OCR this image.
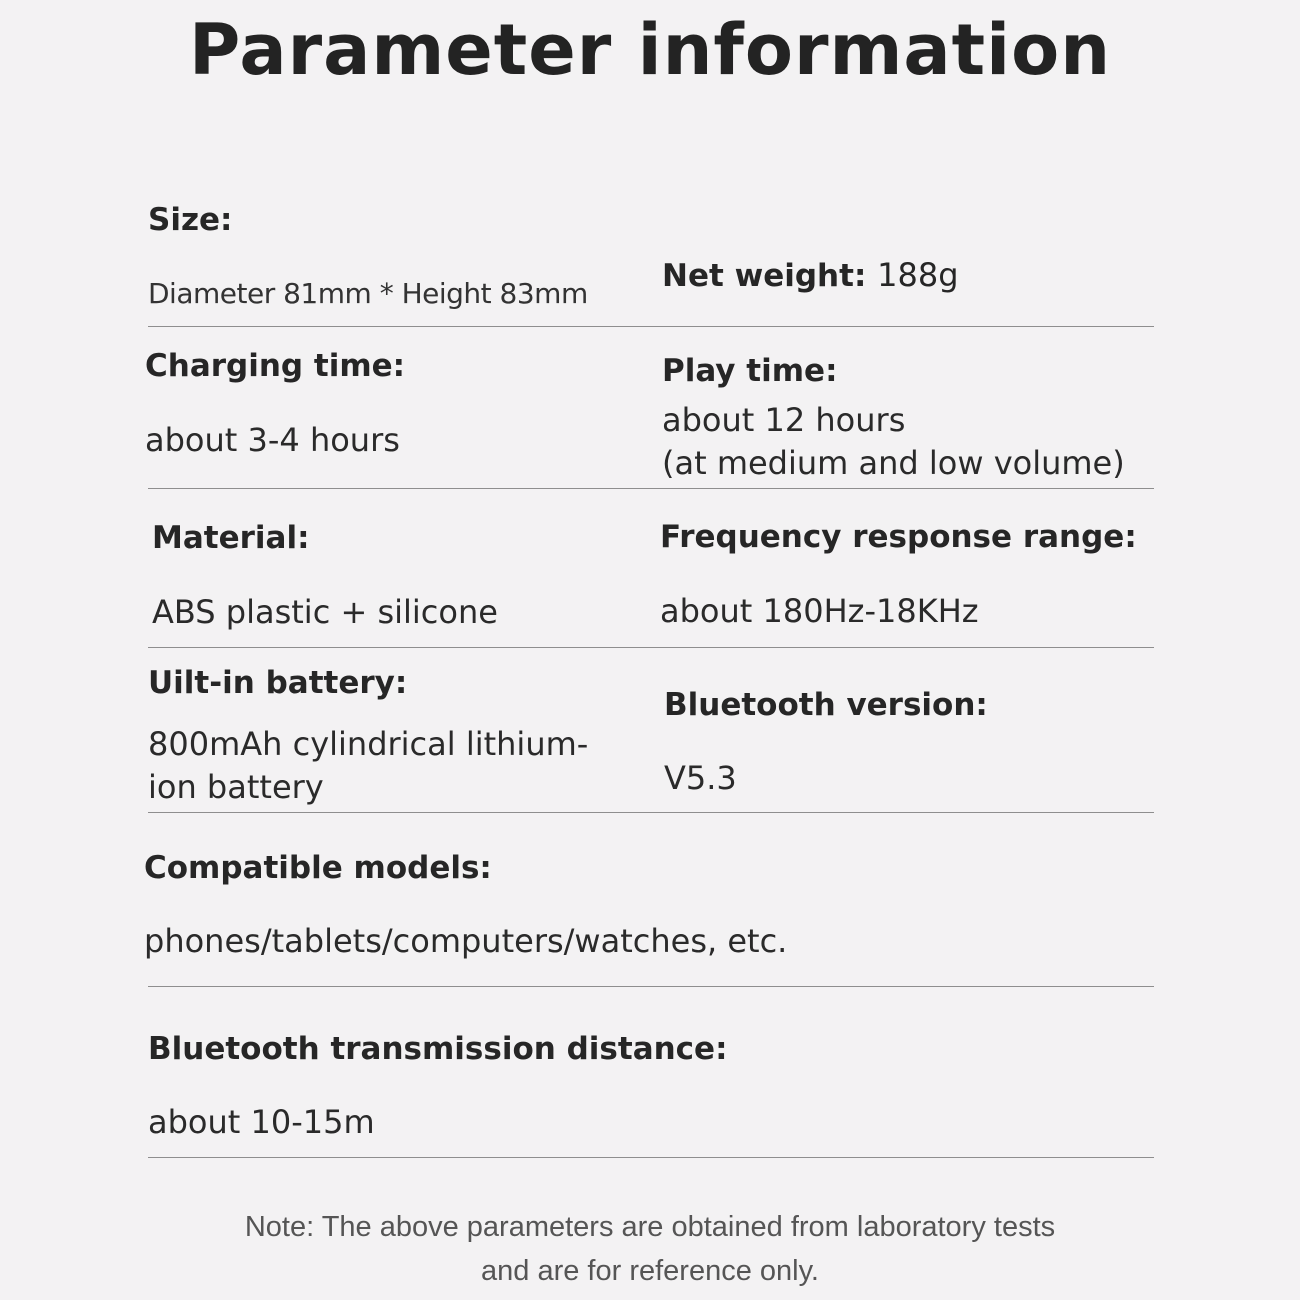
Parameter information
Size:
Diameter 81mm * Height 83mm Net weight: 188g
Charging time:
about 3-4 hours
Play time:
about 12 hours
(at medium and low volume)
Material:
ABS plastic + silicone
Frequency response range:
about 180Hz-18KHz
Uilt-in battery:
800mAh cylindrical lithium-
ion battery
Bluetooth version:
V5.3
Compatible models:
phones/tablets/computers/watches, etc.
Bluetooth transmission distance:
about 10-15m
Note: The above parameters are obtained from laboratory tests
and are for reference only.
